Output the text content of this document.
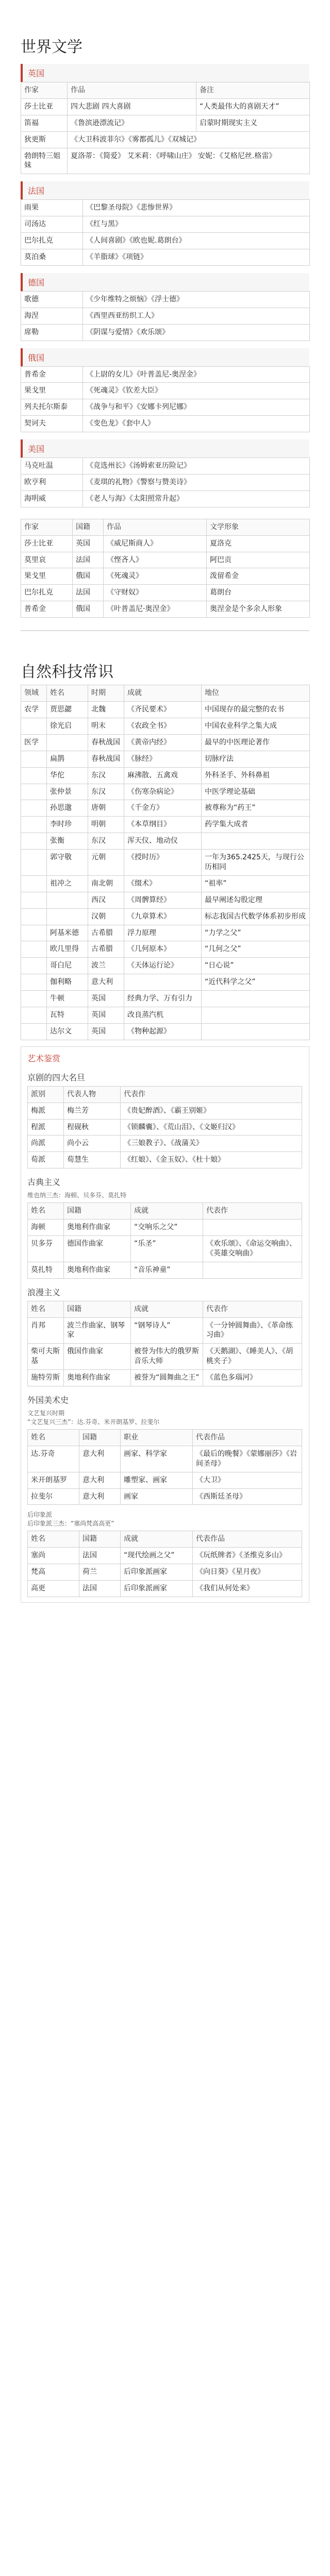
世界文学
英国
作家	作品	备注
莎士比亚	四大悲剧 四大喜剧	“人类最伟大的喜剧天才”
笛福	《鲁滨逊漂流记》	启蒙时期现实主义
狄更斯	《大卫科波菲尔》《雾都孤儿》《双城记》	
勃朗特三姐妹	夏洛蒂：《简爱》 艾米莉：《呼啸山庄》 安妮：《艾格尼丝.格雷》	
法国
雨果	《巴黎圣母院》《悲惨世界》
司汤达	《红与黑》
巴尔扎克	《人间喜剧》《欧也妮.葛朗台》
莫泊桑	《羊脂球》《项链》
德国
歌德	《少年维特之烦恼》《浮士德》
海涅	《西里西亚纺织工人》
席勒	《阴谋与爱情》《欢乐颂》
俄国
普希金	《上尉的女儿》《叶普盖尼-奥涅金》
果戈里	《死魂灵》《钦差大臣》
列夫托尔斯泰	《战争与和平》《安娜卡列尼娜》
契诃夫	《变色龙》《套中人》
美国
马克吐温	《竞选州长》《汤姆索亚历险记》
欧亨利	《麦琪的礼物》《警察与赞美诗》
海明威	《老人与海》《太阳照常升起》
作家	国籍	作品	文学形象
莎士比亚	英国	《威尼斯商人》	夏洛克
莫里哀	法国	《悭吝人》	阿巴贡
果戈里	俄国	《死魂灵》	泼留希金
巴尔扎克	法国	《守财奴》	葛朗台
普希金	俄国	《叶普盖尼·奥涅金》	奥涅金是个多余人形象
自然科技常识
领域	姓名	时期	成就	地位
农学	贾思勰	北魏	《齐民要术》	中国现存的最完整的农书
	徐光启	明末	《农政全书》	中国农业科学之集大成
医学		春秋战国	《黄帝内经》	最早的中医理论著作
	扁鹊	春秋战国	《脉经》	切脉疗法
	华佗	东汉	麻沸散、五禽戏	外科圣手、外科鼻祖
	张仲景	东汉	《伤寒杂病论》	中医学理论基础
	孙思邈	唐朝	《千金方》	被尊称为“药王”
	李时珍	明朝	《本草纲目》	药学集大成者
	张衡	东汉	浑天仪、地动仪	
	郭守敬	元朝	《授时历》	一年为365.2425天，与现行公历相同
	祖冲之	南北朝	《缀术》	“祖率”
		西汉	《周髀算经》	最早阐述勾股定理
		汉朝	《九章算术》	标志我国古代数学体系初步形成
	阿基米德	古希腊	浮力原理	“力学之父”
	欧几里得	古希腊	《几何原本》	“几何之父”
	哥白尼	波兰	《天体运行论》	“日心说”
	伽利略	意大利		“近代科学之父”
	牛顿	英国	经典力学、万有引力	
	瓦特	英国	改良蒸汽机	
	达尔文	英国	《物种起源》	
艺术鉴赏
京剧的四大名旦
派别	代表人物	代表作
梅派	梅兰芳	《贵妃醉酒》、《霸王别姬》
程派	程砚秋	《锁麟囊》、《荒山泪》、《文姬归汉》
尚派	尚小云	《三娘教子》、《战蒲关》
荀派	荀慧生	《红娘》、《金玉奴》、《杜十娘》
古典主义
维也纳三杰：海顿、贝多芬、莫扎特
姓名	国籍	成就	代表作
海顿	奥地利作曲家	“交响乐之父”	
贝多芬	德国作曲家	“乐圣”	《欢乐颂》、《命运交响曲》、《英雄交响曲》
莫扎特	奥地利作曲家	“音乐神童”	
浪漫主义
姓名	国籍	成就	代表作
肖邦	波兰作曲家、钢琴家	“钢琴诗人”	《一分钟圆舞曲》、《革命练习曲》
柴可夫斯基	俄国作曲家	被誉为伟大的俄罗斯音乐大师	《天鹅湖》、《睡美人》、《胡桃夹子》
施特劳斯	奥地利作曲家	被誉为“圆舞曲之王”	《蓝色多瑙河》
外国美术史
文艺复兴时期
“文艺复兴三杰”：达.芬奇、米开朗基罗、拉斐尔
姓名	国籍	职业	代表作品
达.芬奇	意大利	画家、科学家	《最后的晚餐》《蒙娜丽莎》《岩间圣母》
米开朗基罗	意大利	雕塑家、画家	《大卫》
拉斐尔	意大利	画家	《西斯廷圣母》
后印象派
后印象派三杰：“塞尚梵高高更”
姓名	国籍	成就	代表作品
塞尚	法国	“现代绘画之父”	《玩纸牌者》《圣维克多山》
梵高	荷兰	后印象派画家	《向日葵》《星月夜》
高更	法国	后印象派画家	《我们从何处来》
